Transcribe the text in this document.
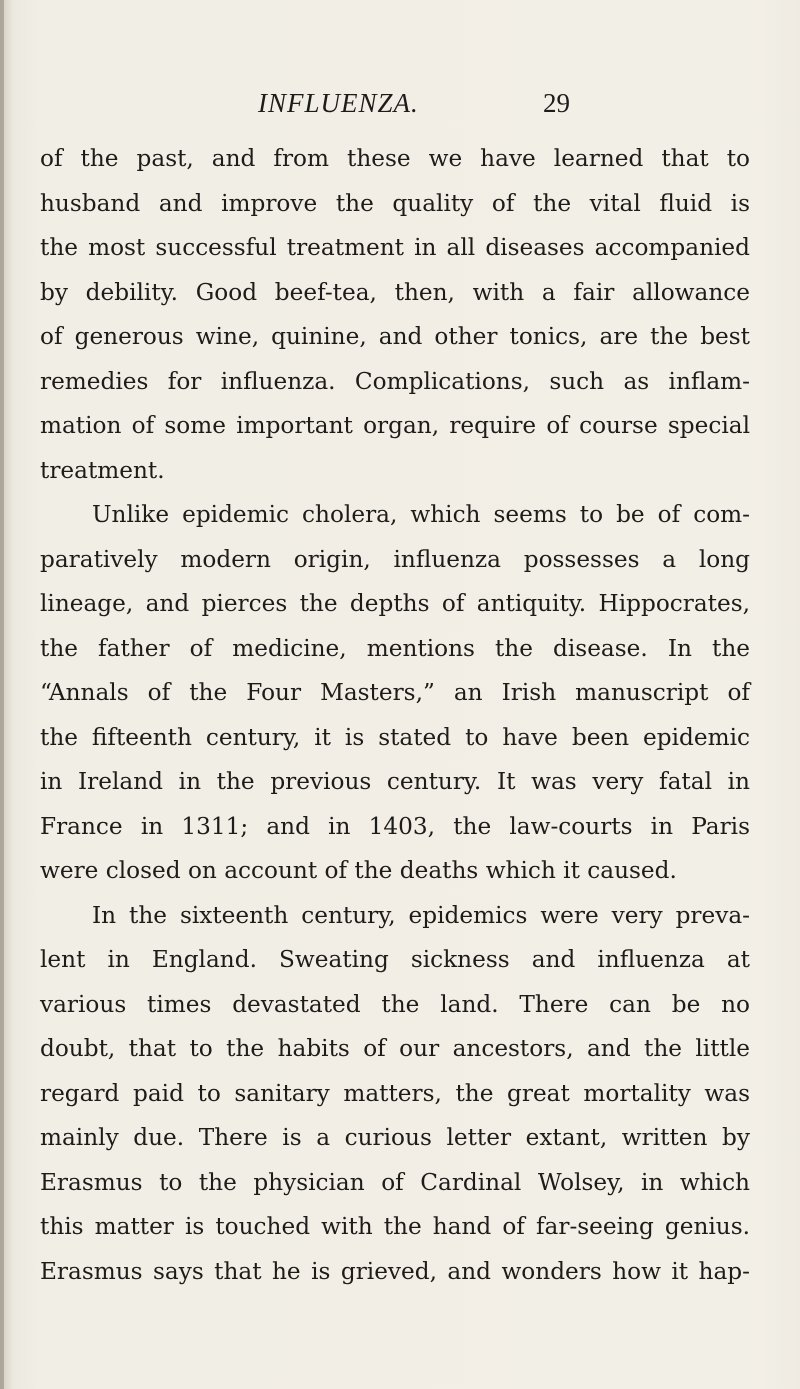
INFLUENZA.	29
of the past, and from these we have learned that to
husband and improve the quality of the vital fluid is
the most successful treatment in all diseases accompanied
by debility. Good beef-tea, then, with a fair allowance
of generous wine, quinine, and other tonics, are the best
remedies for influenza. Complications, such as inflam-
mation of some important organ, require of course special
treatment.
Unlike epidemic cholera, which seems to be of com-
paratively modern origin, influenza possesses a long
lineage, and pierces the depths of antiquity. Hippocrates,
the father of medicine, mentions the disease. In the
“Annals of the Four Masters,” an Irish manuscript of
the fifteenth century, it is stated to have been epidemic
in Ireland in the previous century. It was very fatal in
France in 1311; and in 1403, the law-courts in Paris
were closed on account of the deaths which it caused.
In the sixteenth century, epidemics were very preva-
lent in England. Sweating sickness and influenza at
various times devastated the land. There can be no
doubt, that to the habits of our ancestors, and the little
regard paid to sanitary matters, the great mortality was
mainly due. There is a curious letter extant, written by
Erasmus to the physician of Cardinal Wolsey, in which
this matter is touched with the hand of far-seeing genius.
Erasmus says that he is grieved, and wonders how it hap-
